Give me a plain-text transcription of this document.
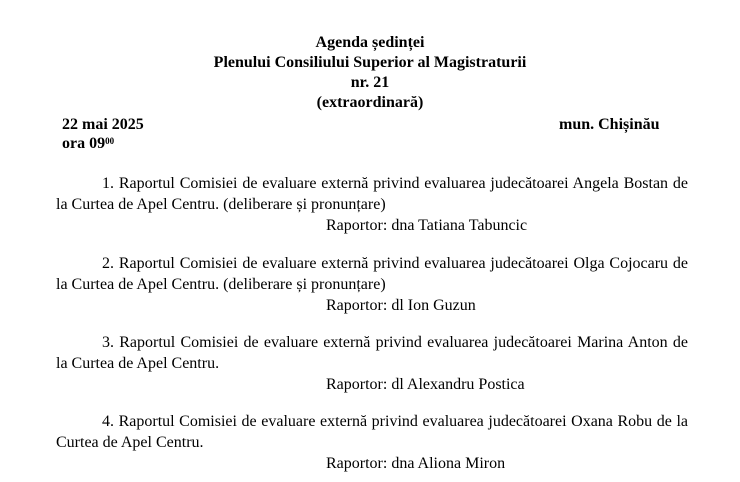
Agenda ședinței
Plenului Consiliului Superior al Magistraturii
nr. 21
(extraordinară)
22 mai 2025	mun. Chișinău
ora $09^{00}$

1. Raportul Comisiei de evaluare externă privind evaluarea judecătoarei Angela Bostan de la Curtea de Apel Centru. (deliberare și pronunțare)

Raportor: dna Tatiana Tabuncic

2. Raportul Comisiei de evaluare externă privind evaluarea judecătoarei Olga Cojocaru de la Curtea de Apel Centru. (deliberare și pronunțare)

Raportor: dl Ion Guzun

3. Raportul Comisiei de evaluare externă privind evaluarea judecătoarei Marina Anton de la Curtea de Apel Centru.

Raportor: dl Alexandru Postica

4. Raportul Comisiei de evaluare externă privind evaluarea judecătoarei Oxana Robu de la Curtea de Apel Centru.

Raportor: dna Aliona Miron
